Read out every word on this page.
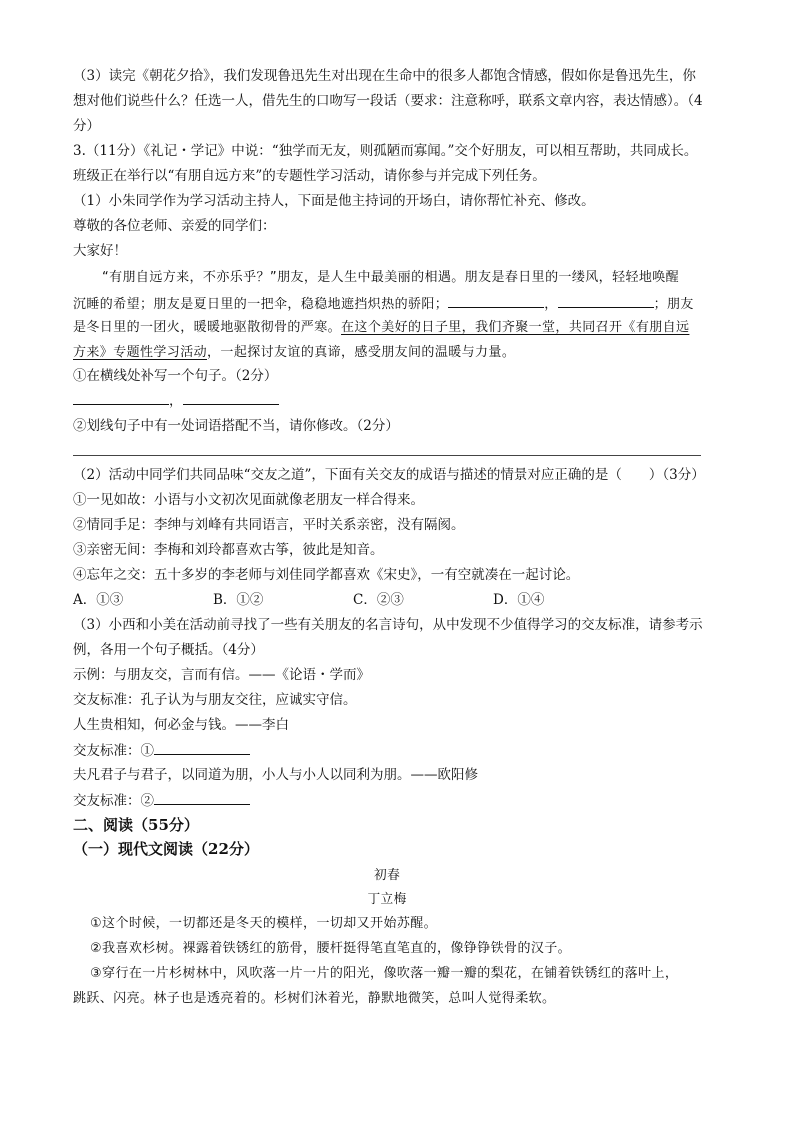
（3）读完《朝花夕拾》，我们发现鲁迅先生对出现在生命中的很多人都饱含情感，假如你是鲁迅先生，你
想对他们说些什么？任选一人，借先生的口吻写一段话（要求：注意称呼，联系文章内容，表达情感）。（4
分）
3.（11分）《礼记・学记》中说：“独学而无友，则孤陋而寡闻。”交个好朋友，可以相互帮助，共同成长。
班级正在举行以“有朋自远方来”的专题性学习活动，请你参与并完成下列任务。
（1）小朱同学作为学习活动主持人，下面是他主持词的开场白，请你帮忙补充、修改。
尊敬的各位老师、亲爱的同学们：
大家好！
“有朋自远方来，不亦乐乎？”朋友，是人生中最美丽的相遇。朋友是春日里的一缕风，轻轻地唤醒
沉睡的希望；朋友是夏日里的一把伞，稳稳地遮挡炽热的骄阳；	，	；朋友
是冬日里的一团火，暖暖地驱散彻骨的严寒。在这个美好的日子里，我们齐聚一堂，共同召开《有朋自远
方来》专题性学习活动，一起探讨友谊的真谛，感受朋友间的温暖与力量。
①在横线处补写一个句子。（2分）
，
②划线句子中有一处词语搭配不当，请你修改。（2分）
（2）活动中同学们共同品味“交友之道”，下面有关交友的成语与描述的情景对应正确的是（　　）（3分）
①一见如故：小语与小文初次见面就像老朋友一样合得来。
②情同手足：李绅与刘峰有共同语言，平时关系亲密，没有隔阂。
③亲密无间：李梅和刘玲都喜欢古筝，彼此是知音。
④忘年之交：五十多岁的李老师与刘佳同学都喜欢《宋史》，一有空就凑在一起讨论。
A．①③	B．①②	C．②③	D．①④
（3）小西和小美在活动前寻找了一些有关朋友的名言诗句，从中发现不少值得学习的交友标准，请参考示
例，各用一个句子概括。（4分）
示例：与朋友交，言而有信。——《论语・学而》
交友标准：孔子认为与朋友交往，应诚实守信。
人生贵相知，何必金与钱。——李白
交友标准：①
夫凡君子与君子，以同道为朋，小人与小人以同利为朋。——欧阳修
交友标准：②
二、阅读（55分）
（一）现代文阅读（22分）
初春
丁立梅
①这个时候，一切都还是冬天的模样，一切却又开始苏醒。
②我喜欢杉树。裸露着铁锈红的筋骨，腰杆挺得笔直笔直的，像铮铮铁骨的汉子。
③穿行在一片杉树林中，风吹落一片一片的阳光，像吹落一瓣一瓣的梨花，在铺着铁锈红的落叶上，
跳跃、闪亮。林子也是透亮着的。杉树们沐着光，静默地微笑，总叫人觉得柔软。
